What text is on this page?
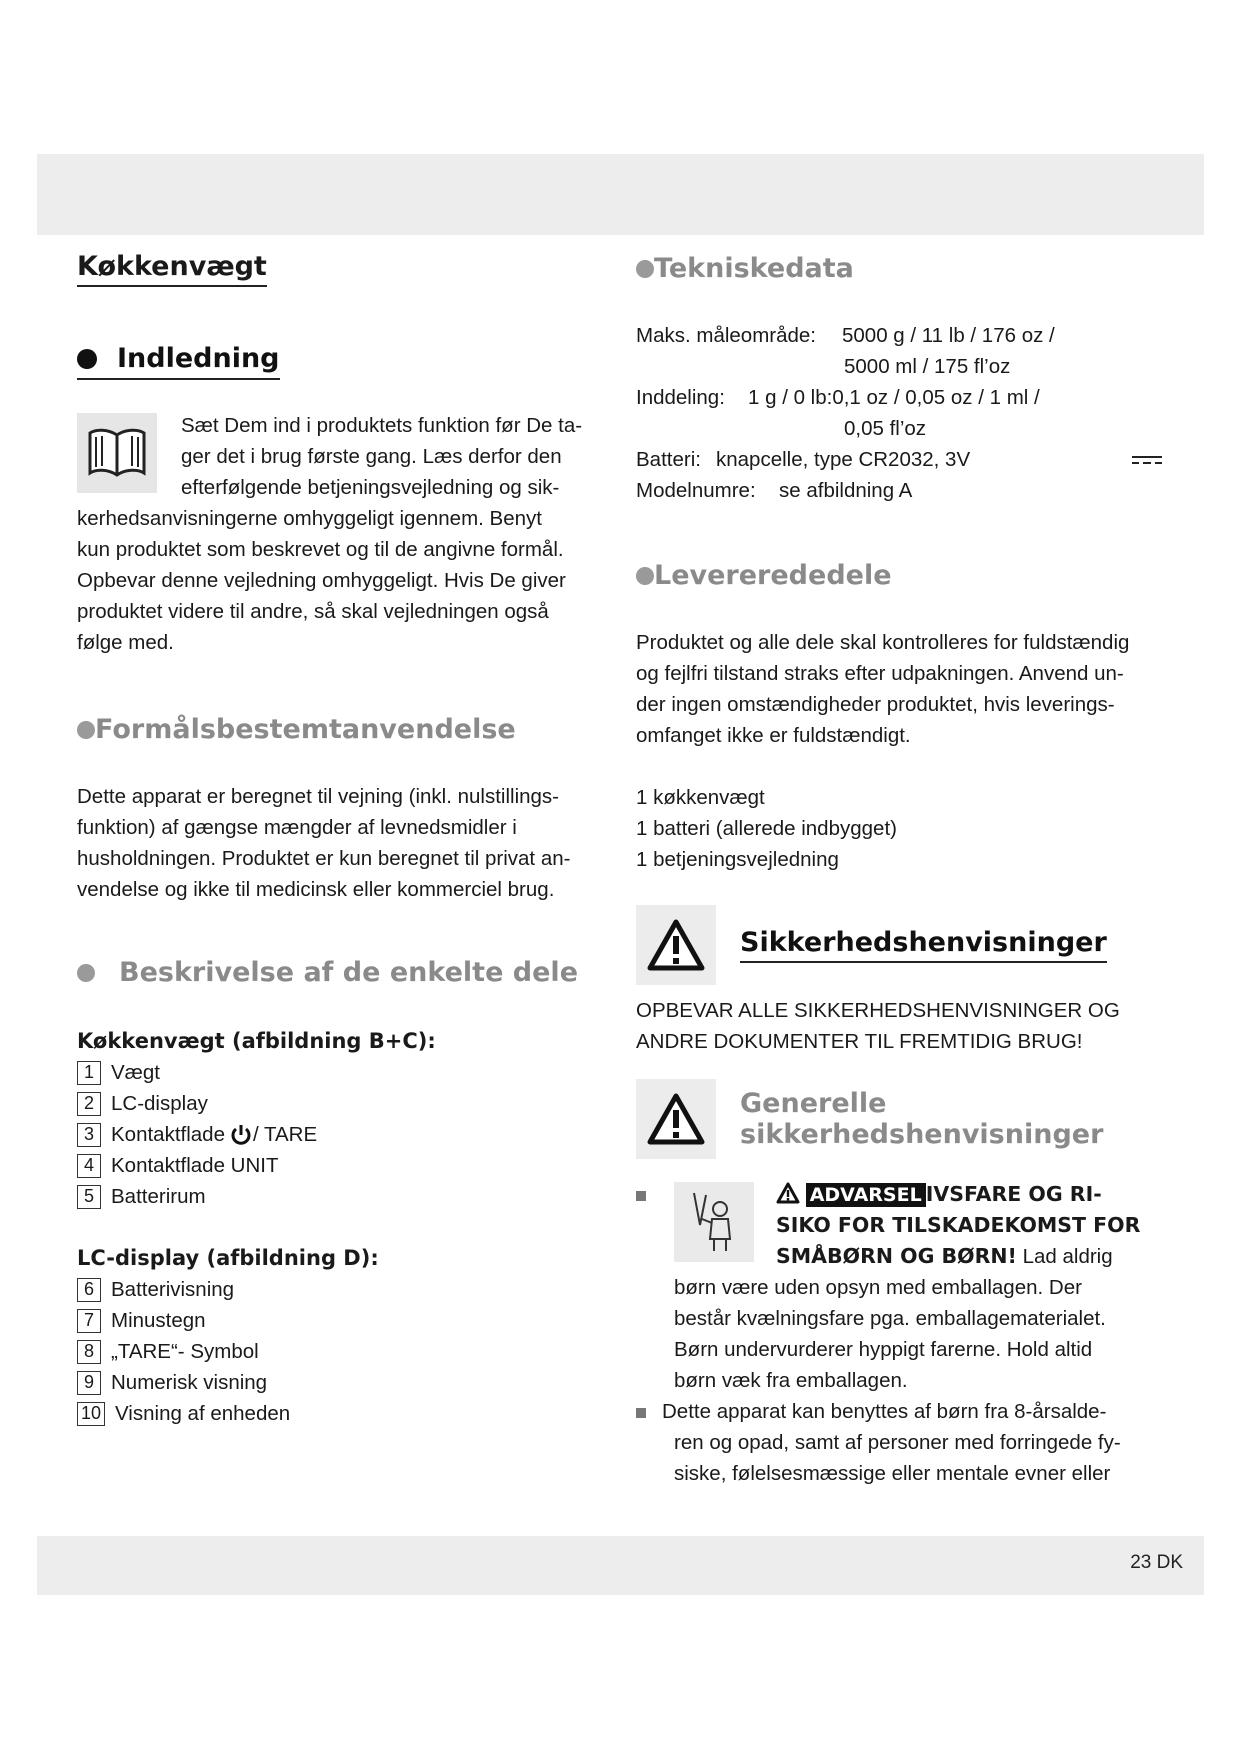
Køkkenvægt
Indledning

Sæt Dem ind i produktets funktion før De ta-

ger det i brug første gang. Læs derfor den

efterfølgende betjeningsvejledning og sik-

kerhedsanvisningerne omhyggeligt igennem. Benyt

kun produktet som beskrevet og til de angivne formål.

Opbevar denne vejledning omhyggeligt. Hvis De giver

produktet videre til andre, så skal vejledningen også

følge med.

Formålsbestemtanvendelse

Dette apparat er beregnet til vejning (inkl. nulstillings-

funktion) af gængse mængder af levnedsmidler i

husholdningen. Produktet er kun beregnet til privat an-

vendelse og ikke til medicinsk eller kommerciel brug.

Beskrivelse af de enkelte dele
Køkkenvægt (afbildning B+C):
1 Vægt
2 LC-display
3 Kontaktflade / TARE
4 Kontaktflade UNIT
5 Batterirum
LC-display (afbildning D):
6 Batterivisning
7 Minustegn
8 „TARE“- Symbol
9 Numerisk visning
10 Visning af enheden
Tekniskedata
Maks. måleområde:	5000 g / 11 lb / 176 oz /
5000 ml / 175 fl’oz
Inddeling:	1 g / 0 lb:0,1 oz / 0,05 oz / 1 ml /
0,05 fl’oz
Batteri: knapcelle, type CR2032, 3V
Modelnumre:	se afbildning A
Levererededele

Produktet og alle dele skal kontrolleres for fuldstændig

og fejlfri tilstand straks efter udpakningen. Anvend un-

der ingen omstændigheder produktet, hvis leverings-

omfanget ikke er fuldstændigt.

1 køkkenvægt

1 batteri (allerede indbygget)

1 betjeningsvejledning

Sikkerhedshenvisninger

OPBEVAR ALLE SIKKERHEDSHENVISNINGER OG

ANDRE DOKUMENTER TIL FREMTIDIG BRUG!

Generelle
sikkerhedshenvisninger
ADVARSEL IVSFARE OG RI-
SIKO FOR TILSKADEKOMST FOR
SMÅBØRN OG BØRN! Lad aldrig
børn være uden opsyn med emballagen. Der
består kvælningsfare pga. emballagematerialet.
Børn undervurderer hyppigt farerne. Hold altid
børn væk fra emballagen.
Dette apparat kan benyttes af børn fra 8-årsalde-
ren og opad, samt af personer med forringede fy-
siske, følelsesmæssige eller mentale evner eller
23 DK
